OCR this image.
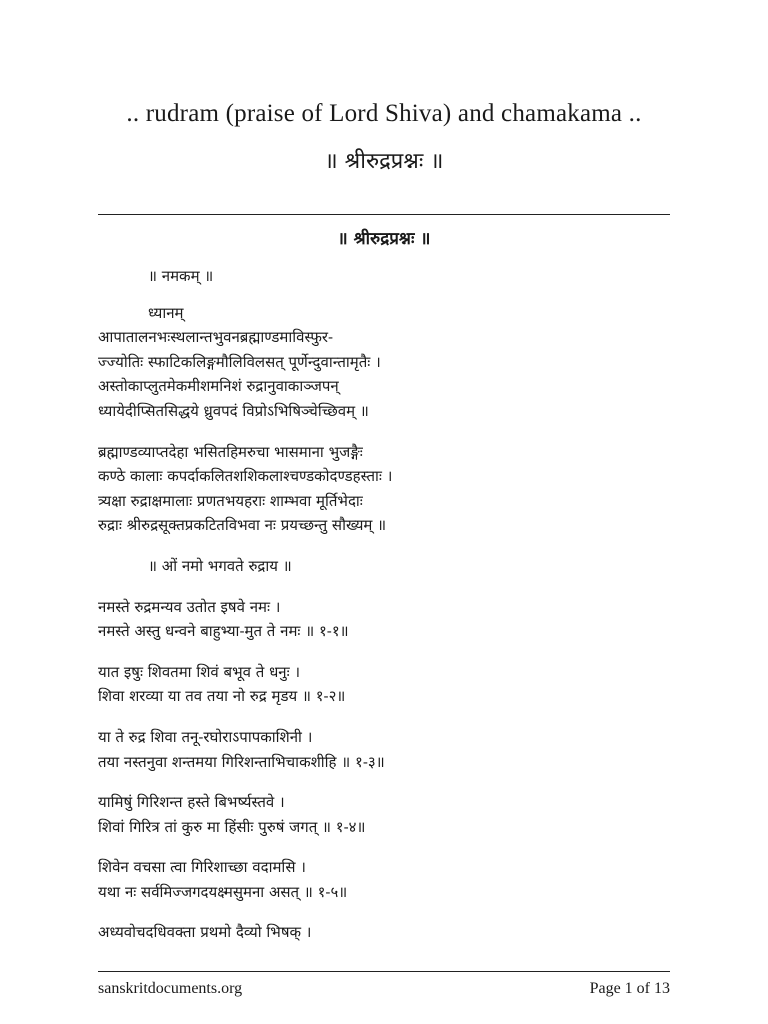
.. rudram (praise of Lord Shiva) and chamakama ..
॥ श्रीरुद्रप्रश्नः ॥
॥ श्रीरुद्रप्रश्नः ॥
॥ नमकम् ॥
ध्यानम्
आपातालनभःस्थलान्तभुवनब्रह्माण्डमाविस्फुर-
ज्ज्योतिः स्फाटिकलिङ्गमौलिविलसत् पूर्णेन्दुवान्तामृतैः ।
अस्तोकाप्लुतमेकमीशमनिशं रुद्रानुवाकाञ्जपन्
ध्यायेदीप्सितसिद्धये ध्रुवपदं विप्रोऽभिषिञ्चेच्छिवम् ॥
ब्रह्माण्डव्याप्तदेहा भसितहिमरुचा भासमाना भुजङ्गैः
कण्ठे कालाः कपर्दाकलितशशिकलाश्चण्डकोदण्डहस्ताः ।
त्र्यक्षा रुद्राक्षमालाः प्रणतभयहराः शाम्भवा मूर्तिभेदाः
रुद्राः श्रीरुद्रसूक्तप्रकटितविभवा नः प्रयच्छन्तु सौख्यम् ॥
॥ ओं नमो भगवते रुद्राय ॥
नमस्ते रुद्रमन्यव उतोत इषवे नमः ।
नमस्ते अस्तु धन्वने बाहुभ्या-मुत ते नमः ॥ १-१॥
यात इषुः शिवतमा शिवं बभूव ते धनुः ।
शिवा शरव्या या तव तया नो रुद्र मृडय ॥ १-२॥
या ते रुद्र शिवा तनू-रघोराऽपापकाशिनी ।
तया नस्तनुवा शन्तमया गिरिशन्ताभिचाकशीहि ॥ १-३॥
यामिषुं गिरिशन्त हस्ते बिभर्ष्यस्तवे ।
शिवां गिरित्र तां कुरु मा हिंसीः पुरुषं जगत् ॥ १-४॥
शिवेन वचसा त्वा गिरिशाच्छा वदामसि ।
यथा नः सर्वमिज्जगदयक्ष्मसुमना असत् ॥ १-५॥
अध्यवोचदधिवक्ता प्रथमो दैव्यो भिषक् ।
sanskritdocuments.org	Page 1 of 13
